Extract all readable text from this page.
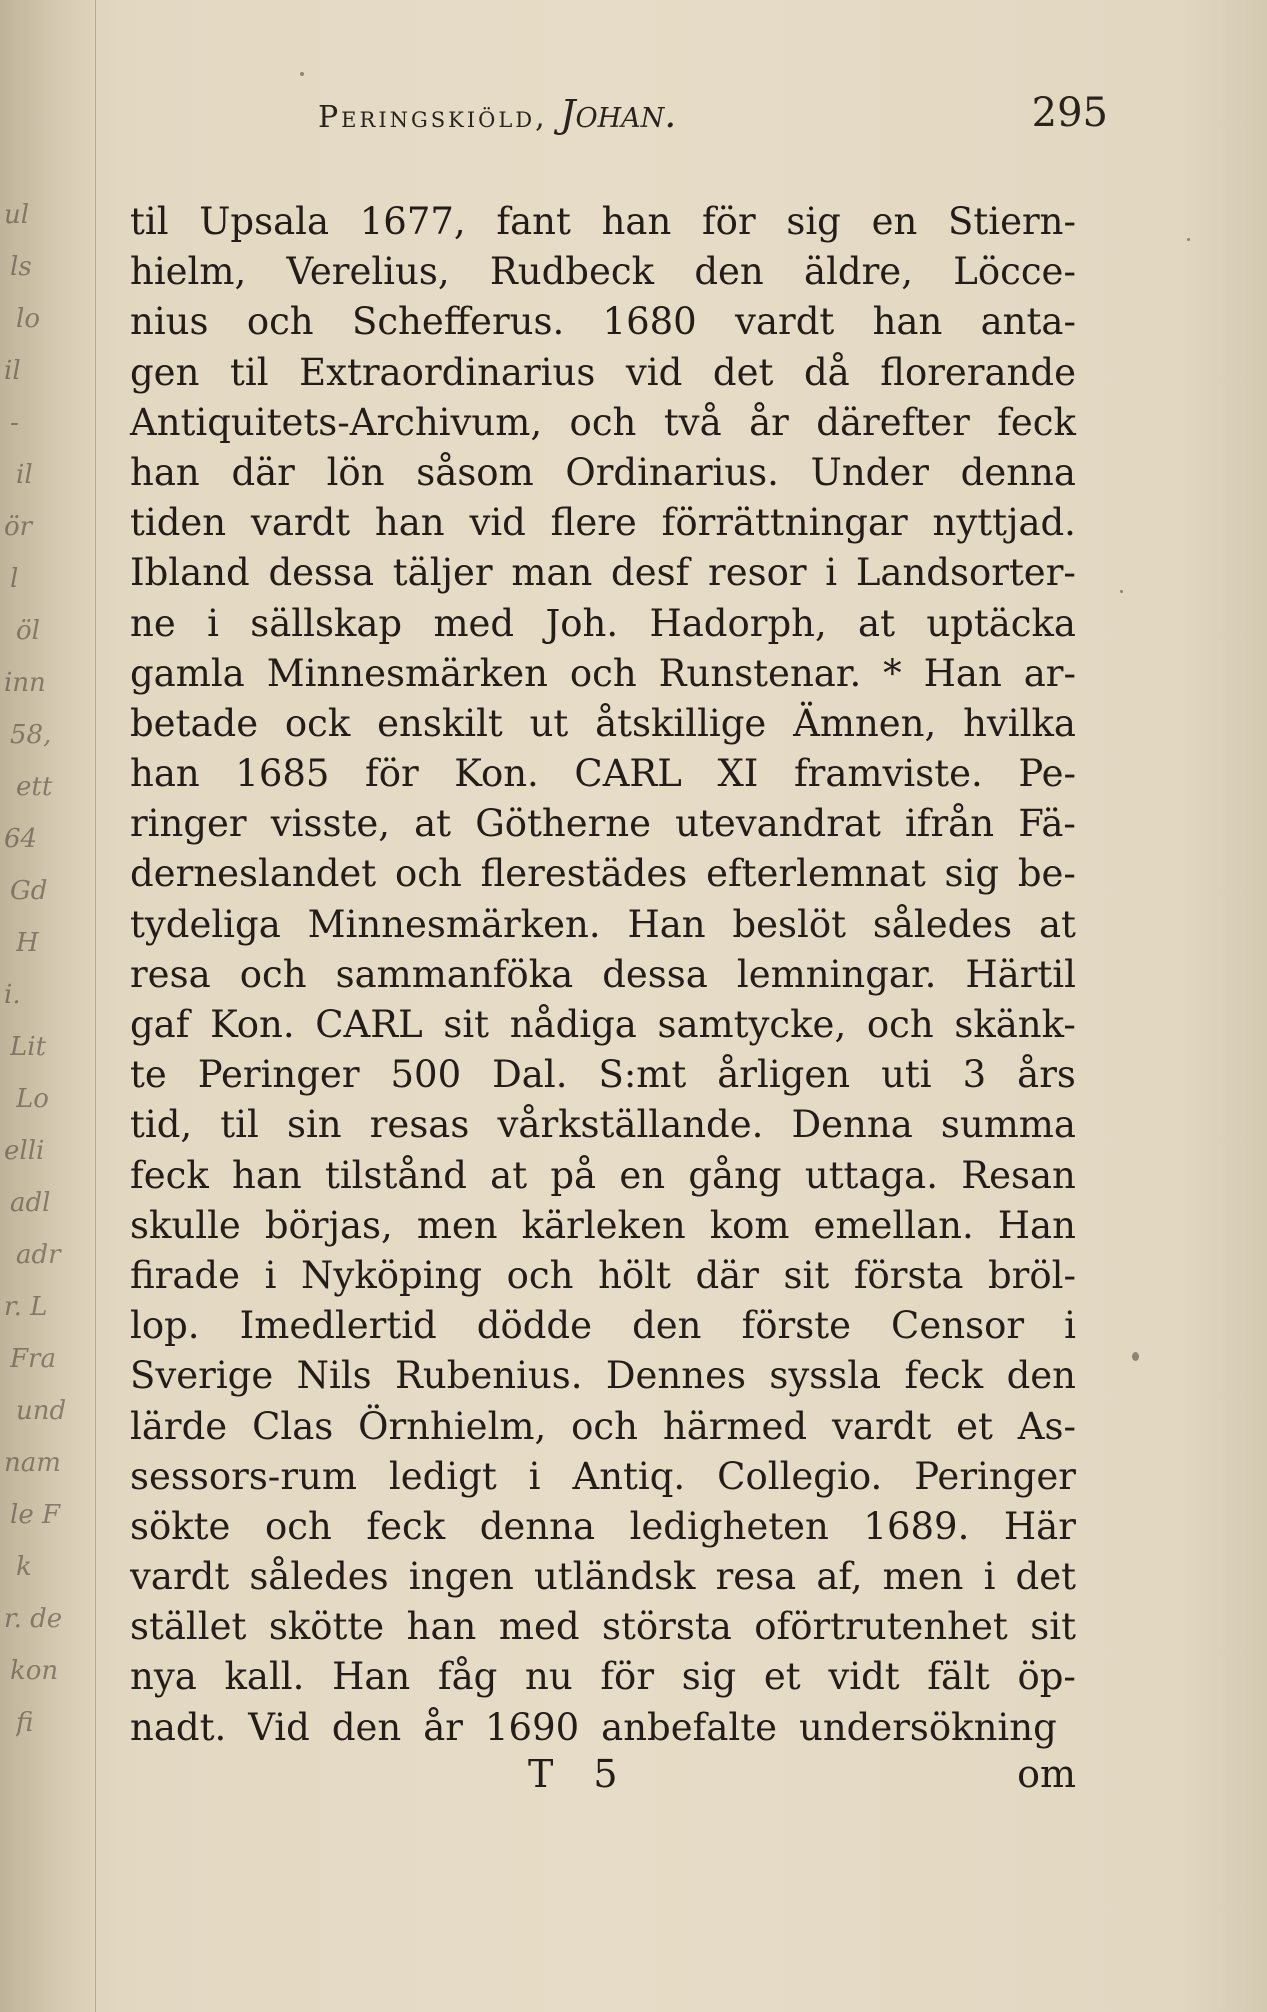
ul
ls
lo
il
-
il
ör
l
öl
inn
58,
ett
64
Gd
H
i.
Lit
Lo
elli
adl
adr
r. L
Fra
und
nam
le F
k
r. de
kon
fi
Peringskiöld, Johan.	295
til Upsala 1677, fant han för sig en Stiern-
hielm, Verelius, Rudbeck den äldre, Löcce-
nius och Schefferus. 1680 vardt han anta-
gen til Extraordinarius vid det då florerande
Antiquitets-Archivum, och två år därefter feck
han där lön såsom Ordinarius. Under denna
tiden vardt han vid flere förrättningar nyttjad.
Ibland dessa täljer man desf resor i Landsorter-
ne i sällskap med Joh. Hadorph, at uptäcka
gamla Minnesmärken och Runstenar. * Han ar-
betade ock enskilt ut åtskillige Ämnen, hvilka
han 1685 för Kon. CARL XI framviste. Pe-
ringer visste, at Götherne utevandrat ifrån Fä-
derneslandet och flerestädes efterlemnat sig be-
tydeliga Minnesmärken. Han beslöt således at
resa och sammanföka dessa lemningar. Härtil
gaf Kon. CARL sit nådiga samtycke, och skänk-
te Peringer 500 Dal. S:mt årligen uti 3 års
tid, til sin resas vårkställande. Denna summa
feck han tilstånd at på en gång uttaga. Resan
skulle börjas, men kärleken kom emellan. Han
firade i Nyköping och hölt där sit första bröl-
lop. Imedlertid dödde den förste Censor i
Sverige Nils Rubenius. Dennes syssla feck den
lärde Clas Örnhielm, och härmed vardt et As-
sessors-rum ledigt i Antiq. Collegio. Peringer
sökte och feck denna ledigheten 1689. Här
vardt således ingen utländsk resa af, men i det
stället skötte han med största oförtrutenhet sit
nya kall. Han fåg nu för sig et vidt fält öp-
nadt. Vid den år 1690 anbefalte undersökning
T 5	om
